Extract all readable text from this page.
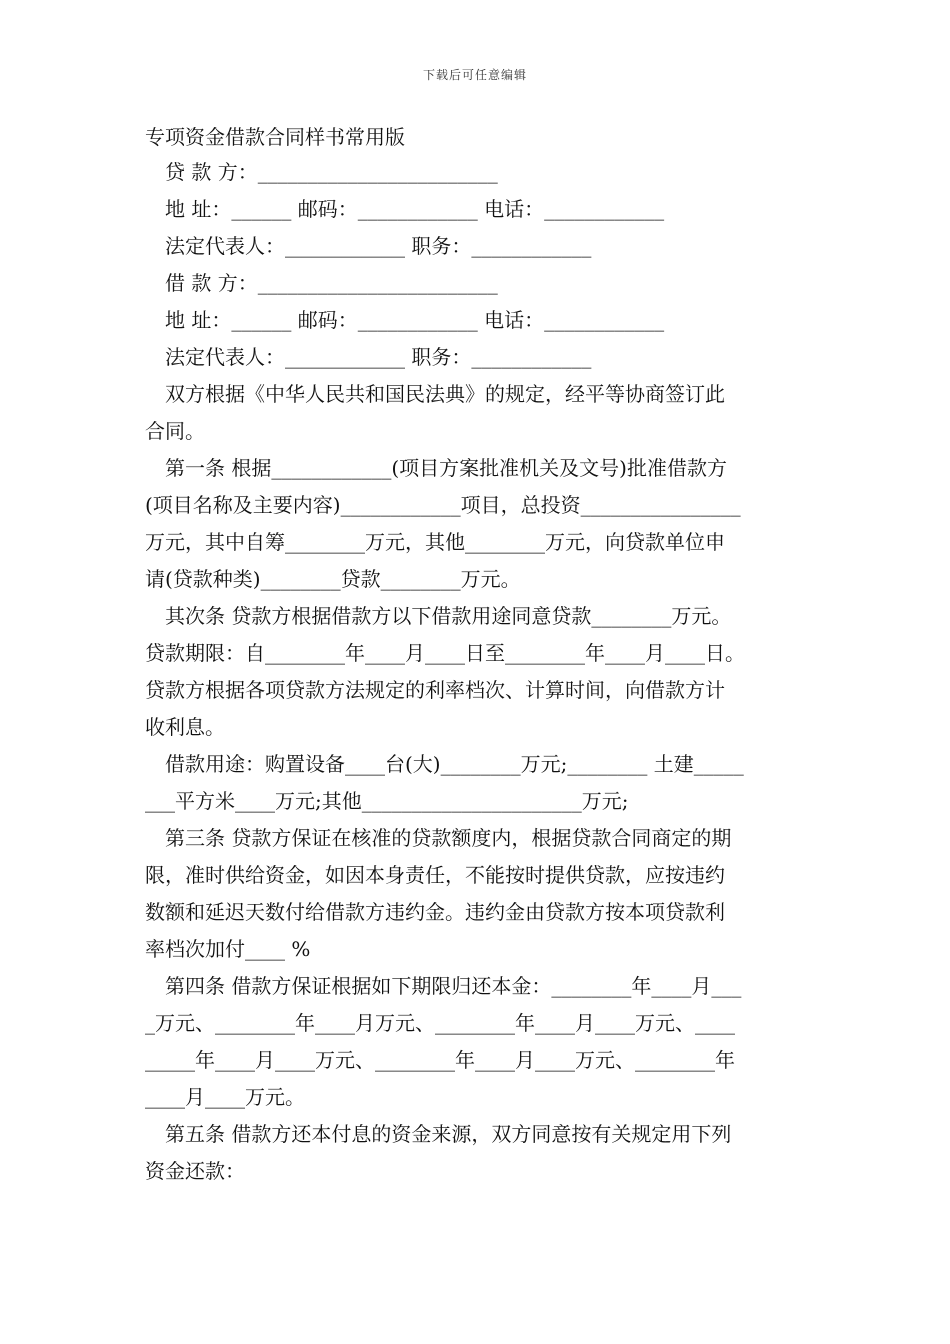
下载后可任意编辑
专项资金借款合同样书常用版
贷 款 方：________________________
地 址：______ 邮码：____________ 电话：____________
法定代表人：____________ 职务：____________
借 款 方：________________________
地 址：______ 邮码：____________ 电话：____________
法定代表人：____________ 职务：____________
双方根据《中华人民共和国民法典》的规定，经平等协商签订此
合同。
第一条 根据____________(项目方案批准机关及文号)批准借款方
(项目名称及主要内容)____________项目，总投资________________
万元，其中自筹________万元，其他________万元，向贷款单位申
请(贷款种类)________贷款________万元。
其次条 贷款方根据借款方以下借款用途同意贷款________万元。
贷款期限：自________年____月____日至________年____月____日。
贷款方根据各项贷款方法规定的利率档次、计算时间，向借款方计
收利息。
借款用途：购置设备____台(大)________万元;________ 土建_____
___平方米____万元;其他______________________万元;
第三条 贷款方保证在核准的贷款额度内，根据贷款合同商定的期
限，准时供给资金，如因本身责任，不能按时提供贷款，应按违约
数额和延迟天数付给借款方违约金。违约金由贷款方按本项贷款利
率档次加付____ %
第四条 借款方保证根据如下期限归还本金：________年____月___
_万元、________年____月万元、________年____月____万元、____
_____年____月____万元、________年____月____万元、________年
____月____万元。
第五条 借款方还本付息的资金来源，双方同意按有关规定用下列
资金还款：
